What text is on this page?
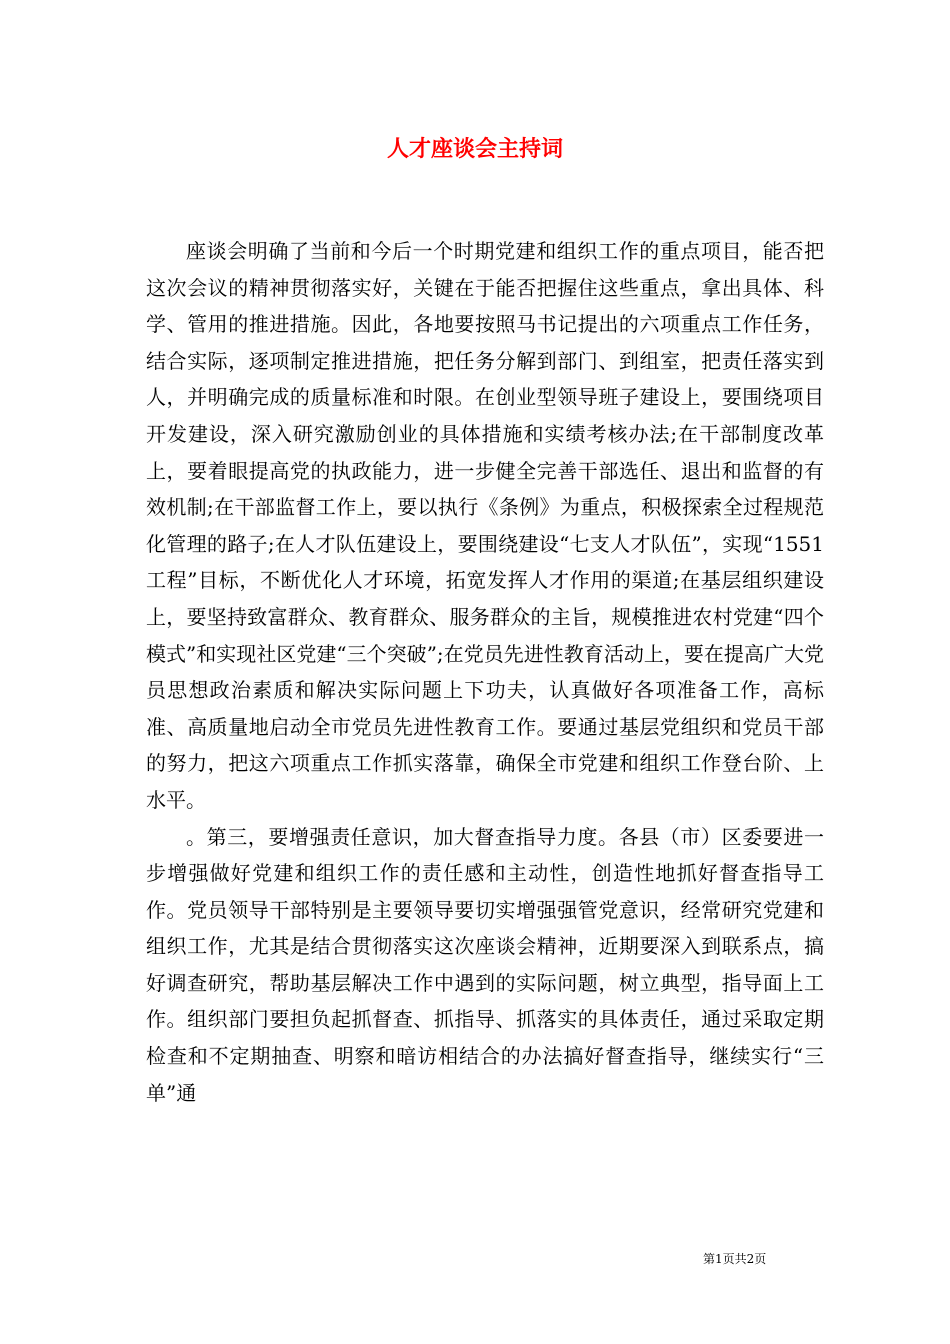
人才座谈会主持词

座谈会明确了当前和今后一个时期党建和组织工作的重点项目，能否把这次会议的精神贯彻落实好，关键在于能否把握住这些重点，拿出具体、科学、管用的推进措施。因此，各地要按照马书记提出的六项重点工作任务，结合实际，逐项制定推进措施，把任务分解到部门、到组室，把责任落实到人，并明确完成的质量标准和时限。在创业型领导班子建设上，要围绕项目开发建设，深入研究激励创业的具体措施和实绩考核办法;在干部制度改革上，要着眼提高党的执政能力，进一步健全完善干部选任、退出和监督的有效机制;在干部监督工作上，要以执行《条例》为重点，积极探索全过程规范化管理的路子;在人才队伍建设上，要围绕建设“七支人才队伍”，实现“1551工程”目标，不断优化人才环境，拓宽发挥人才作用的渠道;在基层组织建设上，要坚持致富群众、教育群众、服务群众的主旨，规模推进农村党建“四个模式”和实现社区党建“三个突破”;在党员先进性教育活动上，要在提高广大党员思想政治素质和解决实际问题上下功夫，认真做好各项准备工作，高标准、高质量地启动全市党员先进性教育工作。要通过基层党组织和党员干部的努力，把这六项重点工作抓实落靠，确保全市党建和组织工作登台阶、上水平。

。第三，要增强责任意识，加大督查指导力度。各县（市）区委要进一步增强做好党建和组织工作的责任感和主动性，创造性地抓好督查指导工作。党员领导干部特别是主要领导要切实增强强管党意识，经常研究党建和组织工作，尤其是结合贯彻落实这次座谈会精神，近期要深入到联系点，搞好调查研究，帮助基层解决工作中遇到的实际问题，树立典型，指导面上工作。组织部门要担负起抓督查、抓指导、抓落实的具体责任，通过采取定期检查和不定期抽查、明察和暗访相结合的办法搞好督查指导，继续实行“三单”通

第1页共2页
